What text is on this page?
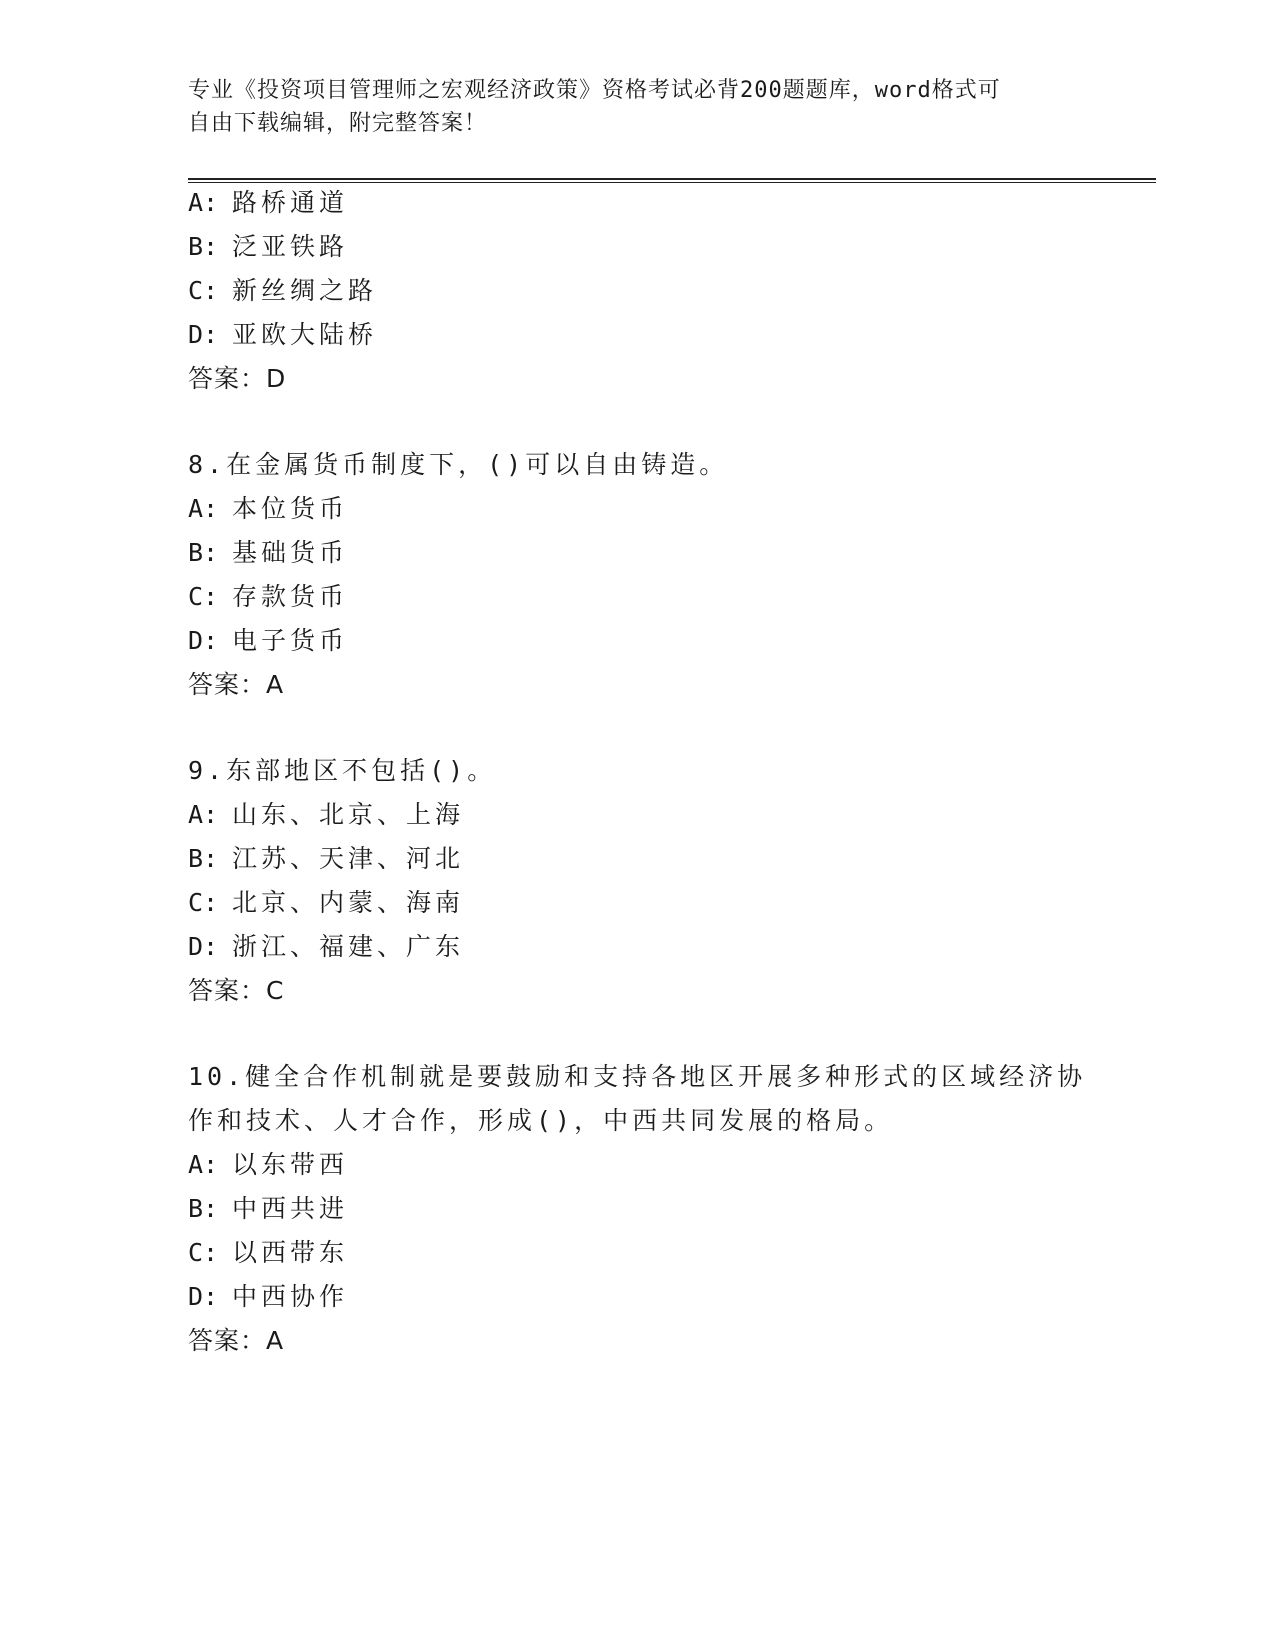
专业《投资项目管理师之宏观经济政策》资格考试必背200题题库，word格式可
自由下载编辑，附完整答案！
A: 路桥通道
B: 泛亚铁路
C: 新丝绸之路
D: 亚欧大陆桥
答案：D
8.在金属货币制度下，()可以自由铸造。
A: 本位货币
B: 基础货币
C: 存款货币
D: 电子货币
答案：A
9.东部地区不包括()。
A: 山东、北京、上海
B: 江苏、天津、河北
C: 北京、内蒙、海南
D: 浙江、福建、广东
答案：C
10.健全合作机制就是要鼓励和支持各地区开展多种形式的区域经济协
作和技术、人才合作，形成()，中西共同发展的格局。
A: 以东带西
B: 中西共进
C: 以西带东
D: 中西协作
答案：A
